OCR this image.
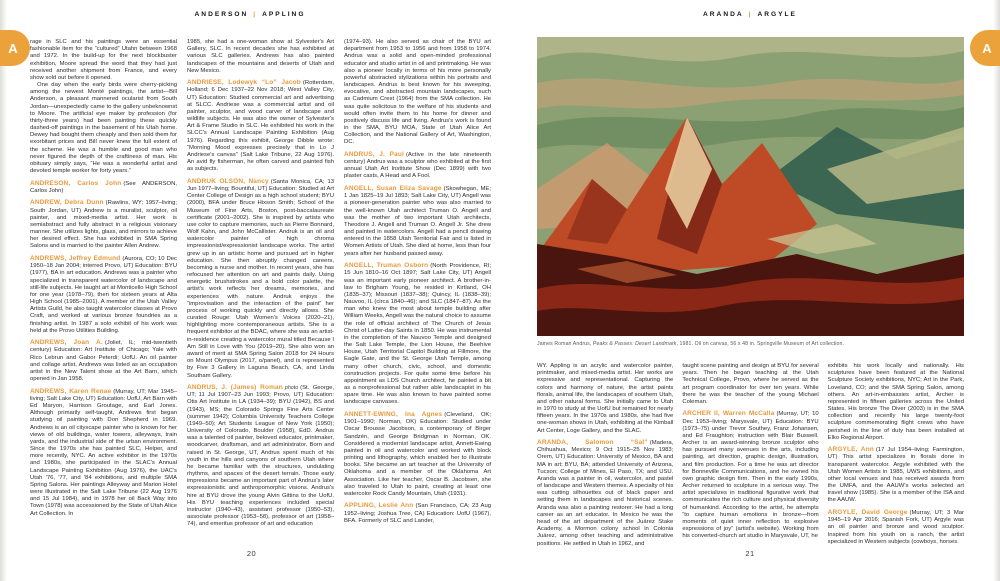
ANDERSON | APPLING	ARANDA | ARGYLE
A	A

rage in SLC and his paintings were an essential fashionable item for the “cultured” Utahn between 1968 and 1972. In the build-up for the next blockbuster exhibition, Moore spread the word that they had just received another shipment from France, and every show sold out before it opened.

One day when the early birds were cherry-picking among the newest Monté paintings, the artist—Bill Anderson, a pleasant mannered ocularist from South Jordan—unexpectedly came to the gallery unbeknownst to Moore. The artificial eye maker by profession (for thirty-three years) had been painting these quickly dashed-off paintings in the basement of his Utah home. Dewey had bought them cheaply and then sold them for exorbitant prices and Bill never knew the full extent of the scheme. He was a humble and good man who never figured the depth of the craftiness of man. His obituary simply says, “He was a wonderful artist and devoted temple worker for forty years.”

ANDRESON, Carlos John (See ANDERSON, Carlos John)

ANDREW, Debra Dunn (Rawlins, WY; 1957–living; South Jordan, UT) Andrew is a muralist, sculptor, oil painter, and mixed-media artist. Her work is semiabstract and fully abstract in a religious visionary manner. She utilizes lights, glass, and mirrors to achieve her desired effect. She has exhibited in SMA Spring Salons and is married to the painter Allen Andrew.

ANDREWS, Jeffrey Edmund (Aurora, CO; 10 Dec 1950–18 Jan 2004; interred Provo, UT) Education: BYU (1977), BA in art education. Andrews was a painter who specialized in transparent watercolor of landscape and still-life subjects. He taught art at Monticello High School for one year (1978–79), then for sixteen years at Alta High School (1985–2001). A member of the Utah Valley Artists Guild, he also taught watercolor classes at Provo Craft, and worked at various bronze foundries as a finishing artist. In 1987 a solo exhibit of his work was held at the Provo Utilities Building.

ANDREWS, Joan A. (Joliet, IL; mid-twentieth century) Education: Art Institute of Chicago; Yale with Rico Lebrun and Gabor Peterdi; UofU. An oil painter and collage artist, Andrews was listed as an occupation artist in the New Talent show at the Art Barn, which opened in Jan 1958.

ANDREWS, Karen Renae (Murray, UT; Mar 1945–living; Salt Lake City, UT) Education: UofU, Art Barn with Ed Maryon, Harrison Groutage, and Earl Jones. Although primarily self-taught, Andrews first began studying oil painting with Don Shepherd in 1969. Andrews is an oil cityscape painter who is known for her views of old buildings, water towers, alleyways, train yards, and the industrial side of the urban environment. Since the 1970s she has painted SLC, Helper, and more recently, NYC. An active exhibitor in the 1970s and 1980s, she participated in the SLAC's Annual Landscape Painting Exhibition (Aug 1976), the UAC's Utah '76, '77, and '84 exhibitions, and multiple SMA Spring Salons. Her paintings Alleyway and Marion Hotel were illustrated in the Salt Lake Tribune (22 Aug 1976 and 15 Jul 1984), and in 1978 her oil Back Way into Town (1978) was accessioned by the State of Utah Alice Art Collection. In

1985, she had a one-woman show at Sylvester's Art Gallery, SLC. In recent decades she has exhibited at various SLC galleries. Andrews has also painted landscapes of the mountains and deserts of Utah and New Mexico.

ANDRIESE, Lodewyk “Lo” Jacob (Rotterdam, Holland; 6 Dec 1937–22 Nov 2018; West Valley City, UT) Education: Studied commercial art and advertising at SLCC. Andriese was a commercial artist and oil painter, sculptor, and wood carver of landscape and wildlife subjects. He was also the owner of Sylvester's Art & Frame Studio in SLC. He exhibited his work in the SLCC's Annual Landscape Painting Exhibition (Aug 1976). Regarding this exhibit, George Dibble wrote: “Morning Mood expresses precisely that in Lo J Andriese's canvas” (Salt Lake Tribune, 22 Aug 1976). An avid fly fisherman, he often carved and painted fish as subjects.

ANDRUK OLSON, Nancy (Santa Monica, CA; 13 Jun 1977–living; Bountiful, UT) Education: Studied at Art Center College of Design as a high school student; BYU (2000), BFA under Bruce Hixson Smith; School of the Museum of Fine Arts, Boston, post-baccalaureate certificate (2001–2002). She is inspired by artists who use color to capture memories, such as Pierre Bonnard, Wolf Kahn, and John McCallister. Andruk is an oil and watercolor painter of high chroma impressionist/expressionist landscape works. The artist grew up in an artistic home and pursued art in higher education. She then abruptly changed careers, becoming a nurse and mother. In recent years, she has refocused her attention on art and paints daily. Using energetic brushstrokes and a bold color palette, the artist's work reflects her dreams, memories, and experiences with nature. Andruk enjoys the “improvisation and the interaction of the paint” her process of working quickly and directly allows. She curated Rouge: Utah Women's Voices (2020–21), highlighting more contemporaneous artists. She is a frequent exhibitor at the BDAC, where she was an artist-in-residence creating a watercolor mural titled Because I Am Still in Love with You (2019–20). She also won an award of merit at SMA Spring Salon 2018 for 24 Hours on Mount Olympus (2017, o/panel), and is represented by Five 3 Gallery in Laguna Beach, CA, and Linda Southam Gallery.

ANDRUS, J. (James) Roman photo (St. George, UT; 11 Jul 1907–23 Jun 1993; Provo, UT) Education: Otis Art Institute in LA (1934–39); BYU (1942), BS and (1943), MS; the Colorado Springs Fine Arts Center (summer 1942); Columbia University Teachers College (1949–50); Art Students League of New York (1950); University of Colorado, Boulder (1958), EdD. Andrus was a talented oil painter, beloved educator, printmaker, woodcarver, draftsman, and art administrator. Born and raised in St. George, UT, Andrus spent much of his youth in the hills and canyons of southern Utah where he became familiar with the structures, undulating rhythms, and spaces of the desert terrain. Those early impressions became an important part of Andrus's later expressionistic and anthropomorphic visions. Andrus's hire at BYU drove the young Alvin Gittins to the UofU. His BYU teaching experiences included special instructor (1940–43), assistant professor (1950–53), associate professor (1953–58), professor of art (1958–74), and emeritus professor of art and education

(1974–93). He also served as chair of the BYU art department from 1953 to 1956 and from 1958 to 1974. Andrus was a solid and open-minded professional educator and studio artist in oil and printmaking. He was also a pioneer locally in terms of his more personally powerful abstracted stylizations within his portraits and landscapes. Andrus is best known for his sweeping, evocative, and abstracted mountain landscapes, such as Cadmium Crest (1964) from the SMA collection. He was quite solicitous to the welfare of his students and would often invite them to his home for dinner and positively discuss life and living. Andrus's work is found in the SMA, BYU MOA, State of Utah Alice Art Collection, and the National Gallery of Art, Washington, DC.

ANDRUS, J. Paul (Active in the late nineteenth century) Andrus was a sculptor who exhibited at the first annual Utah Art Institute Show (Dec 1899) with two plaster casts, A Head and A Fool.

ANGELL, Susan Eliza Savage (Skowhegan, ME; 1 Jan 1825–19 Jul 1893; Salt Lake City, UT) Angell was a pioneer-generation painter who was also married to the well-known Utah architect Truman O. Angell and was the mother of two important Utah architects, Theodore J. Angell and Truman O. Angell Jr. She drew and painted in watercolors. Angell had a pencil drawing entered in the 1858 Utah Territorial Fair and is listed in Women Artists of Utah. She died at home, less than four years after her husband passed away.

ANGELL, Truman Osborn (North Providence, RI; 15 Jun 1810–16 Oct 1897; Salt Lake City, UT) Angell was an important early pioneer architect. A brother-in-law to Brigham Young, he resided in Kirtland, OH (1835–37); Missouri (1837–38); Quincy, IL (1838–39); Nauvoo, IL (circa 1840–46); and SLC (1847–87). As the man who knew the most about temple building after William Weeks, Angell was the natural choice to assume the role of official architect of The Church of Jesus Christ of Latter-day Saints in 1850. He was instrumental in the completion of the Nauvoo Temple and designed the Salt Lake Temple, the Lion House, the Beehive House, Utah Territorial Capitol Building at Fillmore, the Eagle Gate, and the St. George Utah Temple, among many other church, civic, school, and domestic construction projects. For quite some time before his appointment as LDS Church architect, he painted a bit as a nonprofessional but rather able landscapist in his spare time. He was also known to have painted some landscape canvases.

ANNETT-EWING, Ina Agnes (Cleveland, OK; 1901–1990; Norman, OK) Education: Studied under Oscar Brousse Jacobson, a contemporary of Birger Sandzén, and George Bridgman in Norman, OK. Considered a modernist landscape artist, Annett-Ewing painted in oil and watercolor and worked with block printing and lithography, which enabled her to illustrate books. She became an art teacher at the University of Oklahoma and a member of the Oklahoma Art Association. Like her teacher, Oscar B. Jacobsen, she also traveled to Utah to paint, creating at least one watercolor Rock Candy Mountain, Utah (1931).

APPLING, Leslie Ann (San Francisco, CA; 23 Aug 1952–living; Joshua Tree, CA) Education: UofU (1967), BFA. Formerly of SLC and Lander,

James Roman Andrus, Peaks & Passes: Desert Landmark, 1981. Oil on canvas, 56 x 48 in. Springville Museum of Art collection.

WY. Appling is an acrylic and watercolor painter, printmaker, and mixed-media artist. Her works are expressive and representational. Capturing the colors and harmony of nature, the artist paints florals, animal life, the landscapes of southern Utah, and other natural forms. She initially came to Utah in 1970 to study at the UofU but remained for nearly fifteen years. In the 1970s and 1980s, she had five one-woman shows in Utah, exhibiting at the Kimball Art Center, Loge Gallery, and the SLAC.

ARANDA, Salomon “Sal” (Madera, Chihuahua, Mexico; 9 Oct 1915–25 Nov 1983; Orem, UT) Education: University of Mexico, BA and MA in art; BYU, BA; attended University of Arizona, Tucson; College of Mines, El Paso, TX; and USU. Aranda was a painter in oil, watercolor, and pastel of landscape and Western themes. A specialty of his was cutting silhouettes out of black paper and setting them in landscapes and historical scenes. Aranda was also a painting restorer. He had a long career as an art educator. In Mexico he was the head of the art department of the Juárez Stake Academy, a Mormon colony school in Colonia Juárez, among other teaching and administrative positions. He settled in Utah in 1962, and

taught scene painting and design at BYU for several years. Then he began teaching at the Utah Technical College, Provo, where he served as the art program coordinator for over ten years. While there he was the teacher of the young Michael Coleman.

ARCHER II, Warren McCalla (Murray, UT; 10 Dec 1953–living; Marysvale, UT) Education: BYU (1973–75) under Trevor Southey, Franz Johansen, and Ed Fraughton; instruction with Blair Buswell. Archer is an award-winning bronze sculptor who has pursued many avenues in the arts, including painting, art direction, graphic design, illustration, and film production. For a time he was art director for Bonneville Communications, and he owned his own graphic design firm. Then in the early 1990s, Archer returned to sculpture in a serious way. The artist specializes in traditional figurative work that communicates the rich culture and physical diversity of humankind. According to the artist, he attempts “to capture human emotions in bronze—from moments of quiet inner reflection to explosive expressions of joy” (artist's website). Working from his converted-church art studio in Marysvale, UT, he

exhibits his work locally and nationally. His sculptures have been featured at the National Sculpture Society exhibitions, NYC; Art in the Park, Loveland, CO; and the SMA Spring Salon, among others. An art-in-embassies artist, Archer is represented in fifteen galleries across the United States. His bronze The Diver (2003) is in the SMA collection and recently his large twenty-foot sculpture commemorating flight crews who have perished in the line of duty has been installed at Elko Regional Airport.

ARGYLE, Ann (17 Jul 1954–living; Farmington, UT) This artist specializes in florals done in transparent watercolor. Argyle exhibited with the Utah Women Artists in 1985, UWS exhibitions, and other local venues and has received awards from the UMFA, and the AAUW's works selected art travel show (1985). She is a member of the ISA and the AAUW.

ARGYLE, David George (Murray, UT; 3 Mar 1945–19 Apr 2016; Spanish Fork, UT) Argyle was an oil painter and bronze and wood sculptor. Inspired from his youth on a ranch, the artist specialized in Western subjects (cowboys, horses.

20	21
